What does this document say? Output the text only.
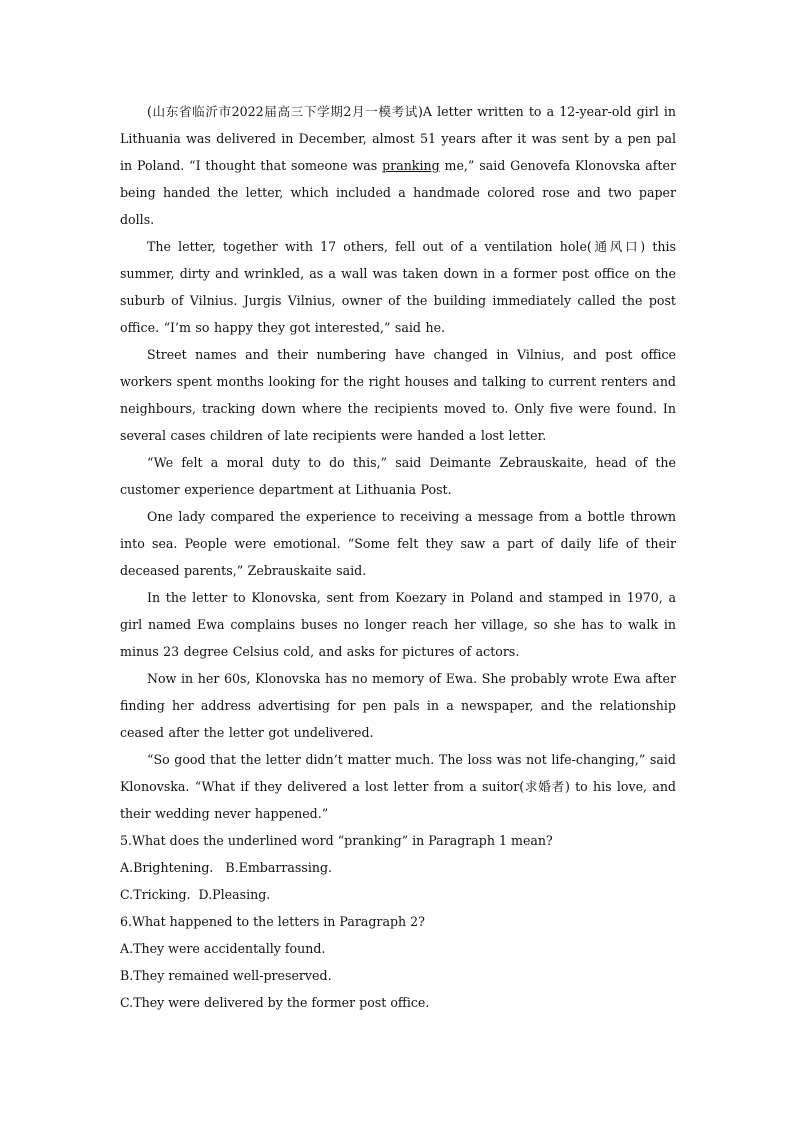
(山东省临沂市2022届高三下学期2月一模考试)A letter written to a 12-year-old girl in Lithuania was delivered in December, almost 51 years after it was sent by a pen pal in Poland. “I thought that someone was pranking me,” said Genovefa Klonovska after being handed the letter, which included a handmade colored rose and two paper dolls.

The letter, together with 17 others, fell out of a ventilation hole(通风口) this summer, dirty and wrinkled, as a wall was taken down in a former post office on the suburb of Vilnius. Jurgis Vilnius, owner of the building immediately called the post office. “I’m so happy they got interested,” said he.

Street names and their numbering have changed in Vilnius, and post office workers spent months looking for the right houses and talking to current renters and neighbours, tracking down where the recipients moved to. Only five were found. In several cases children of late recipients were handed a lost letter.

“We felt a moral duty to do this,” said Deimante Zebrauskaite, head of the customer experience department at Lithuania Post.

One lady compared the experience to receiving a message from a bottle thrown into sea. People were emotional. “Some felt they saw a part of daily life of their deceased parents,” Zebrauskaite said.

In the letter to Klonovska, sent from Koezary in Poland and stamped in 1970, a girl named Ewa complains buses no longer reach her village, so she has to walk in minus 23 degree Celsius cold, and asks for pictures of actors.

Now in her 60s, Klonovska has no memory of Ewa. She probably wrote Ewa after finding her address advertising for pen pals in a newspaper, and the relationship ceased after the letter got undelivered.

“So good that the letter didn’t matter much. The loss was not life-changing,” said Klonovska. “What if they delivered a lost letter from a suitor(求婚者) to his love, and their wedding never happened.”

5.What does the underlined word “pranking” in Paragraph 1 mean?

A.Brightening.   B.Embarrassing.

C.Tricking.  D.Pleasing.

6.What happened to the letters in Paragraph 2?

A.They were accidentally found.

B.They remained well-preserved.

C.They were delivered by the former post office.
